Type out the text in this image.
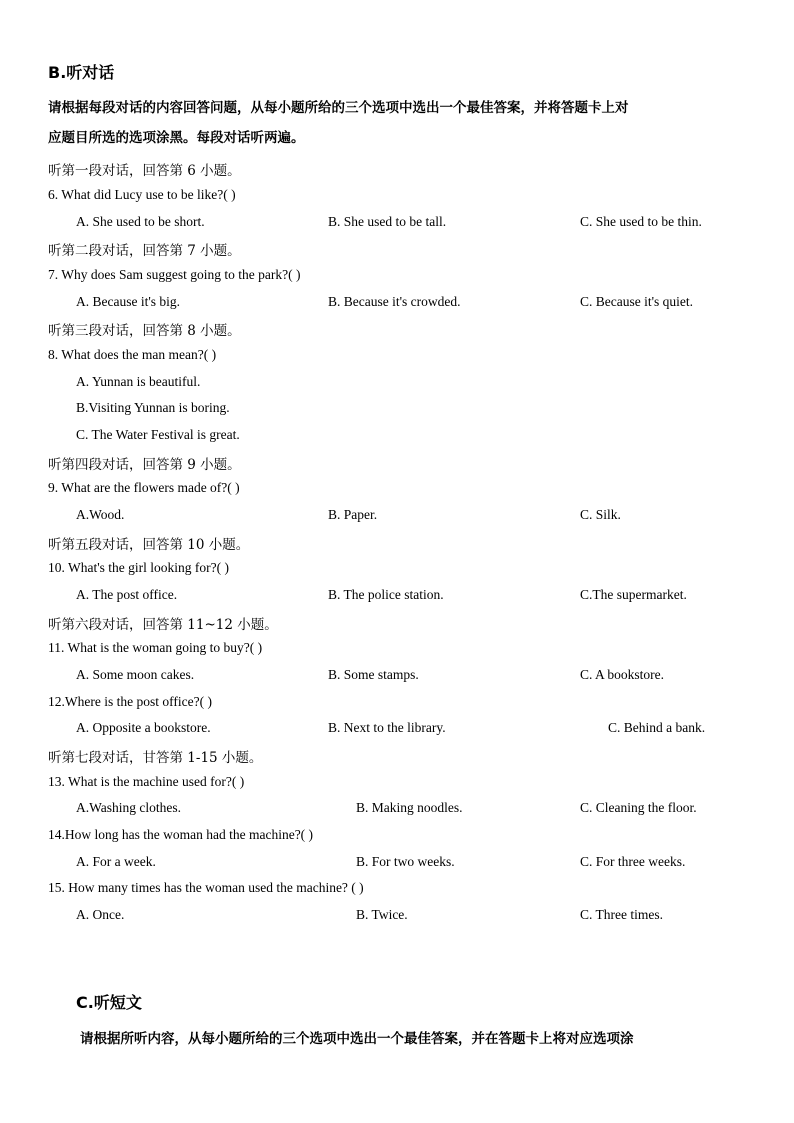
B.听对话
请根据每段对话的内容回答问题，从每小题所给的三个选项中选出一个最佳答案，并将答题卡上对
应题目所选的选项涂黑。每段对话听两遍。
听第一段对话，回答第 6 小题。
6. What did Lucy use to be like?( )
A. She used to be short.	B. She used to be tall.	C. She used to be thin.
听第二段对话，回答第 7 小题。
7. Why does Sam suggest going to the park?( )
A. Because it's big.	B. Because it's crowded.	C. Because it's quiet.
听第三段对话，回答第 8 小题。
8. What does the man mean?( )
A. Yunnan is beautiful.
B.Visiting Yunnan is boring.
C. The Water Festival is great.
听第四段对话，回答第 9 小题。
9. What are the flowers made of?( )
A.Wood.	B. Paper.	C. Silk.
听第五段对话，回答第 10 小题。
10. What's the girl looking for?( )
A. The post office.	B. The police station.	C.The supermarket.
听第六段对话，回答第 11~12 小题。
11. What is the woman going to buy?( )
A. Some moon cakes.	B. Some stamps.	C. A bookstore.
12.Where is the post office?( )
A. Opposite a bookstore.	B. Next to the library.	C. Behind a bank.
听第七段对话，甘答第 1-15 小题。
13. What is the machine used for?( )
A.Washing clothes.	B. Making noodles.	C. Cleaning the floor.
14.How long has the woman had the machine?( )
A. For a week.	B. For two weeks.	C. For three weeks.
15. How many times has the woman used the machine? ( )
A. Once.	B. Twice.	C. Three times.
C.听短文
请根据所听内容，从每小题所给的三个选项中选出一个最佳答案，并在答题卡上将对应选项涂
